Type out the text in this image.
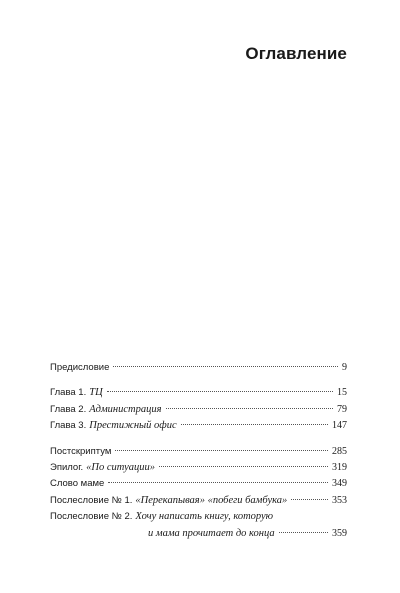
Оглавление
Предисловие	9
Глава 1. ТЦ	15
Глава 2. Администрация	79
Глава 3. Престижный офис	147
Постскриптум	285
Эпилог. «По ситуации»	319
Слово маме	349
Послесловие № 1. «Перекапывая» «побеги бамбука»	353
Послесловие № 2. Хочу написать книгу, которую
и мама прочитает до конца	359
